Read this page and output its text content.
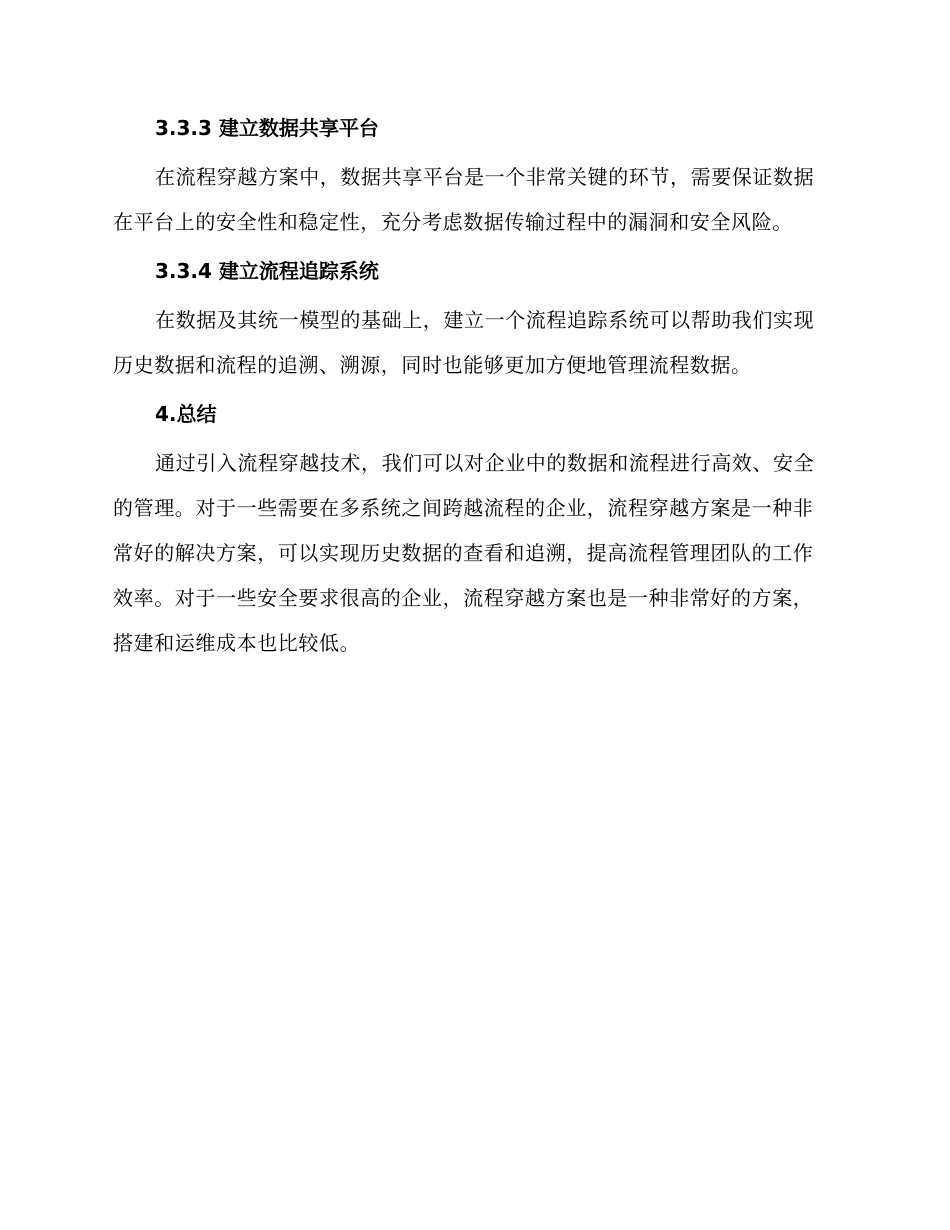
3.3.3 建立数据共享平台

在流程穿越方案中，数据共享平台是一个非常关键的环节，需要保证数据在平台上的安全性和稳定性，充分考虑数据传输过程中的漏洞和安全风险。

3.3.4 建立流程追踪系统

在数据及其统一模型的基础上，建立一个流程追踪系统可以帮助我们实现历史数据和流程的追溯、溯源，同时也能够更加方便地管理流程数据。

4.总结

通过引入流程穿越技术，我们可以对企业中的数据和流程进行高效、安全的管理。对于一些需要在多系统之间跨越流程的企业，流程穿越方案是一种非常好的解决方案，可以实现历史数据的查看和追溯，提高流程管理团队的工作效率。对于一些安全要求很高的企业，流程穿越方案也是一种非常好的方案，搭建和运维成本也比较低。
